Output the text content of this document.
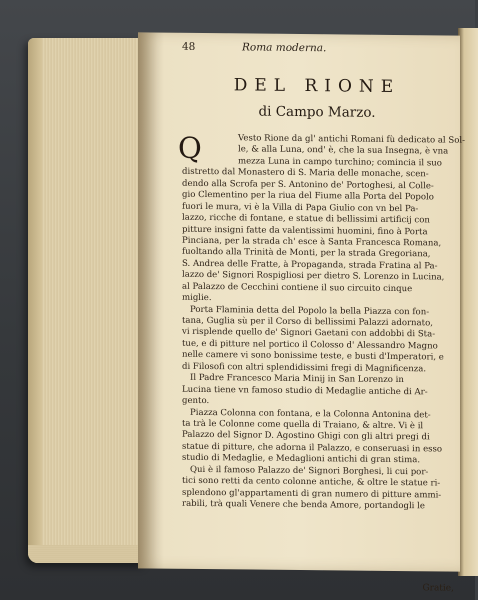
48	Roma moderna.
DEL RIONE
di Campo Marzo.
Q	Vesto Rione da gl' antichi Romani fù dedicato al Sol-
le, & alla Luna, ond' è, che la sua Insegna, è vna
mezza Luna in campo turchino; comincia il suo
distretto dal Monastero di S. Maria delle monache, scen-
dendo alla Scrofa per S. Antonino de' Portoghesi, al Colle-
gio Clementino per la riua del Fiume alla Porta del Popolo
fuori le mura, vi è la Villa di Papa Giulio con vn bel Pa-
lazzo, ricche di fontane, e statue di bellissimi artificij con
pitture insigni fatte da valentissimi huomini, fino à Porta
Pinciana, per la strada ch' esce à Santa Francesca Romana,
fuoltando alla Trinità de Monti, per la strada Gregoriana,
S. Andrea delle Fratte, à Propaganda, strada Fratina al Pa-
lazzo de' Signori Rospigliosi per dietro S. Lorenzo in Lucina,
al Palazzo de Cecchini contiene il suo circuito cinque
miglie.
Porta Flaminia detta del Popolo la bella Piazza con fon-
tana, Guglia sù per il Corso di bellissimi Palazzi adornato,
vi risplende quello de' Signori Gaetani con addobbi di Sta-
tue, e di pitture nel portico il Colosso d' Alessandro Magno
nelle camere vi sono bonissime teste, e busti d'Imperatori, e
di Filosofi con altri splendidissimi fregi di Magnificenza.
Il Padre Francesco Maria Minij in San Lorenzo in
Lucina tiene vn famoso studio di Medaglie antiche di Ar-
gento.
Piazza Colonna con fontana, e la Colonna Antonina det-
ta trà le Colonne come quella di Traiano, & altre. Vi è il
Palazzo del Signor D. Agostino Ghigi con gli altri pregi di
statue di pitture, che adorna il Palazzo, e conseruasi in esso
studio di Medaglie, e Medaglioni antichi di gran stima.
Qui è il famoso Palazzo de' Signori Borghesi, li cui por-
tici sono retti da cento colonne antiche, & oltre le statue ri-
splendono gl'appartamenti di gran numero di pitture ammi-
rabili, trà quali Venere che benda Amore, portandogli le
Gratie,
